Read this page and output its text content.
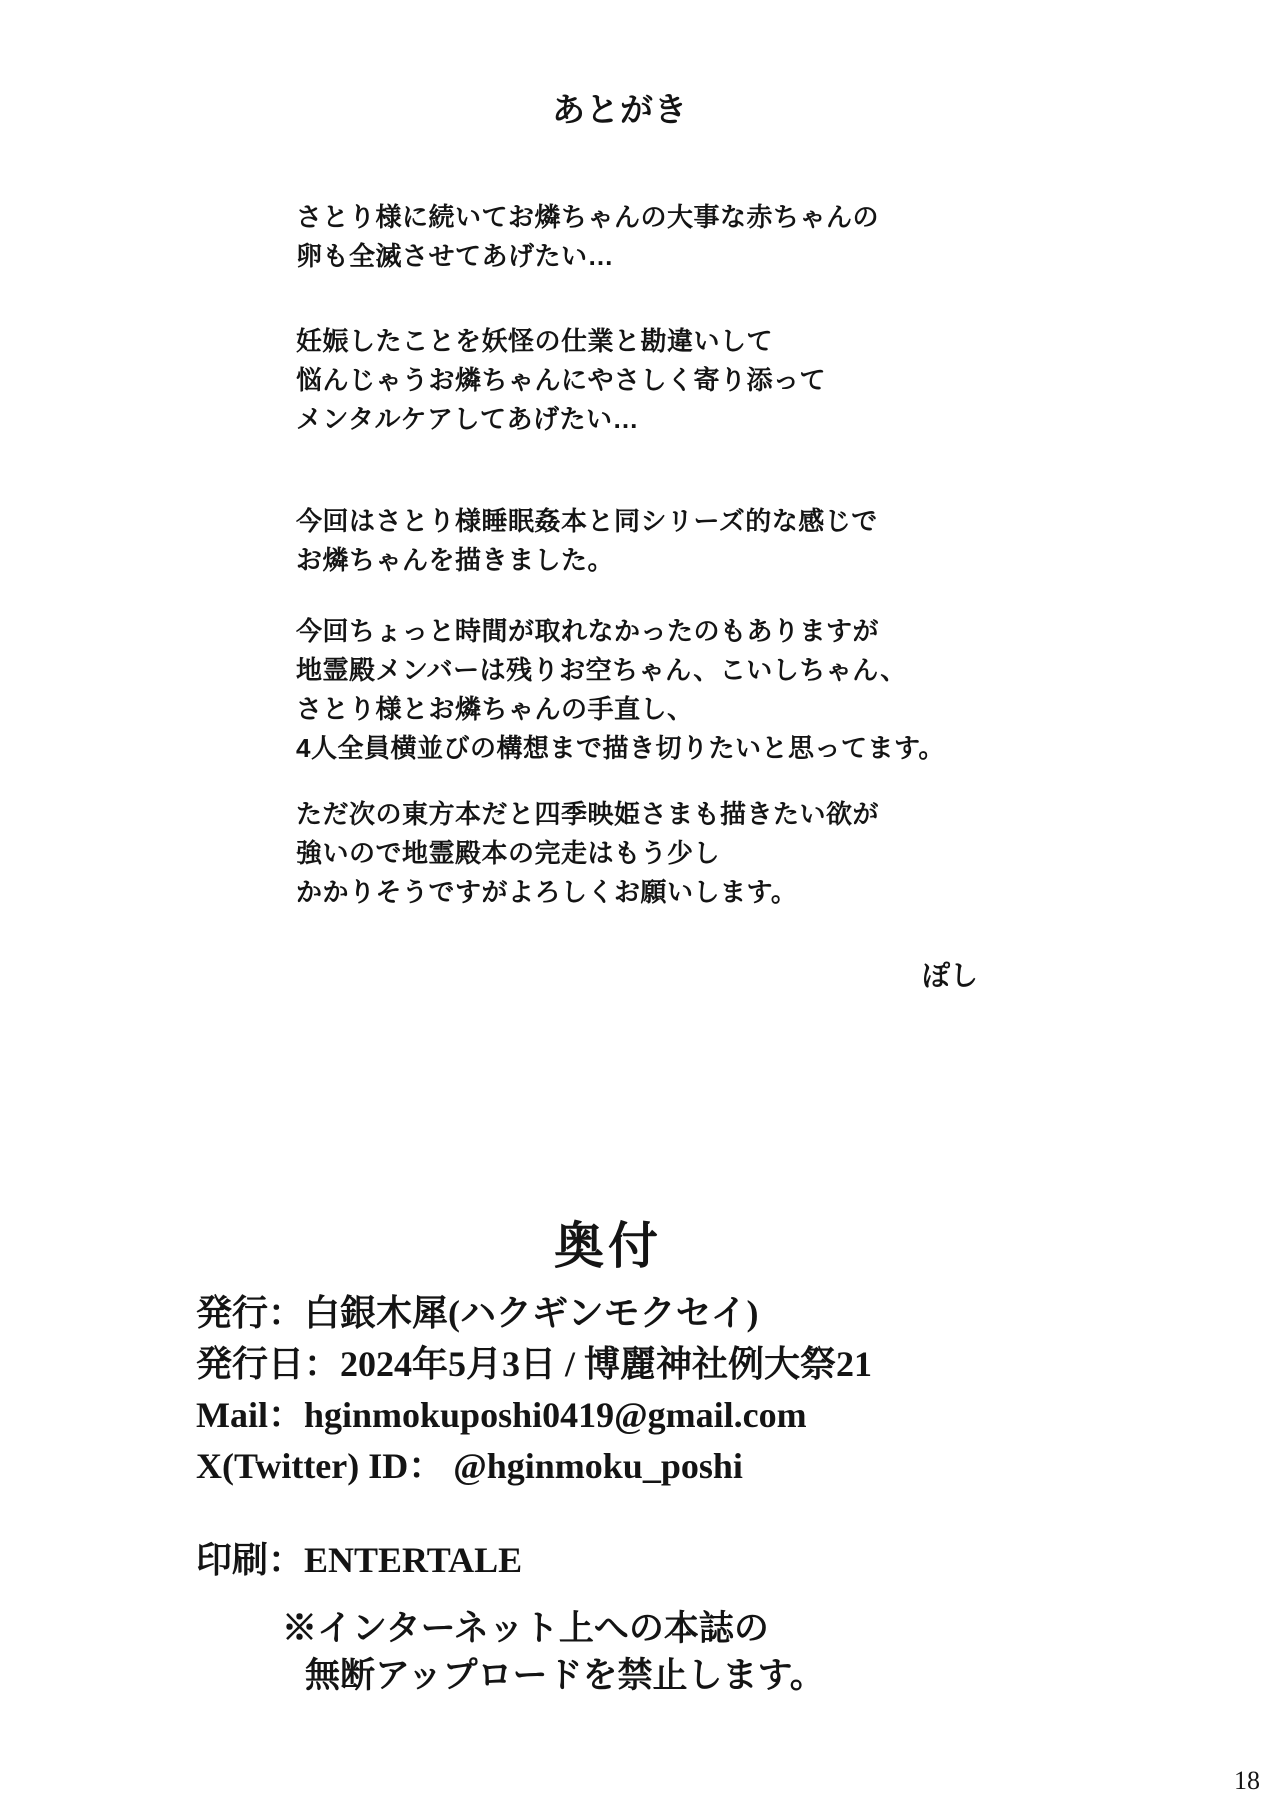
あとがき

さとり様に続いてお燐ちゃんの大事な赤ちゃんの
卵も全滅させてあげたい…

妊娠したことを妖怪の仕業と勘違いして
悩んじゃうお燐ちゃんにやさしく寄り添って
メンタルケアしてあげたい…

今回はさとり様睡眠姦本と同シリーズ的な感じで
お燐ちゃんを描きました。

今回ちょっと時間が取れなかったのもありますが
地霊殿メンバーは残りお空ちゃん、こいしちゃん、
さとり様とお燐ちゃんの手直し、
4人全員横並びの構想まで描き切りたいと思ってます。

ただ次の東方本だと四季映姫さまも描きたい欲が
強いので地霊殿本の完走はもう少し
かかりそうですがよろしくお願いします。

ぽし
奥付
発行：白銀木犀(ハクギンモクセイ)
発行日：2024年5月3日 / 博麗神社例大祭21
Mail：hginmokuposhi0419@gmail.com
X(Twitter) ID： @hginmoku_poshi
印刷：ENTERTALE
※インターネット上への本誌の
無断アップロードを禁止します。
18
